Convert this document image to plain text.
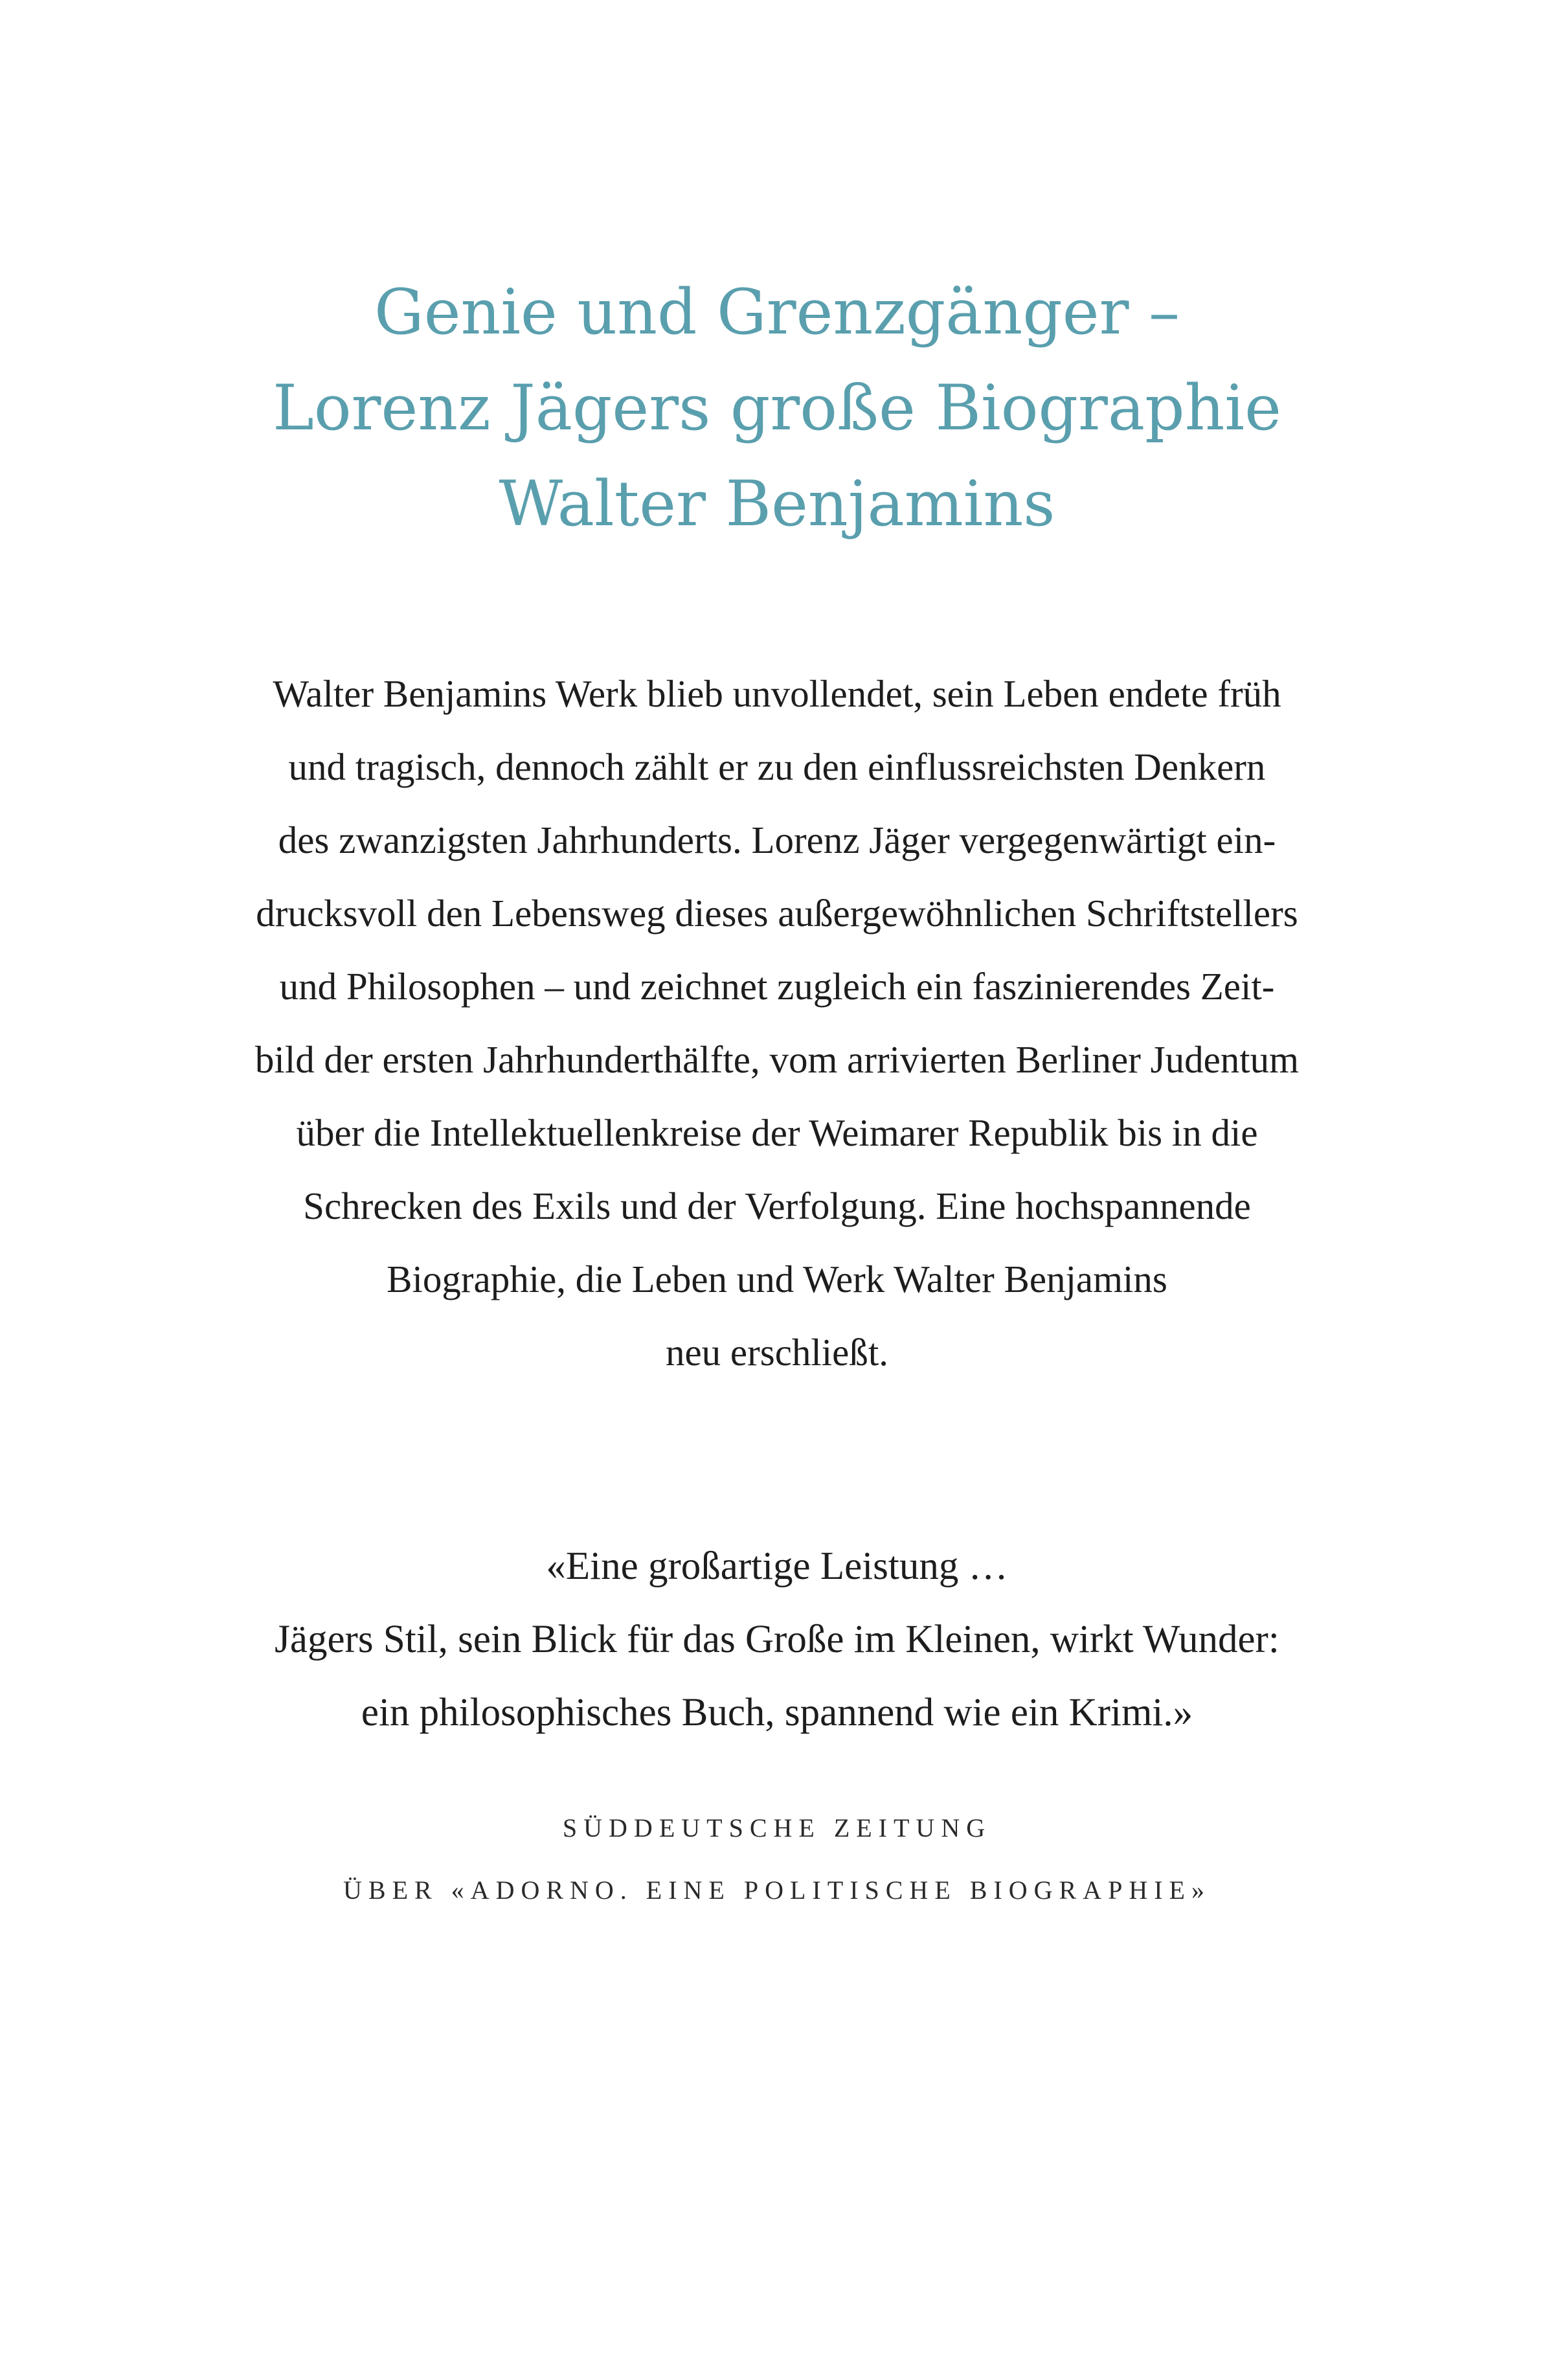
Genie und Grenzgänger –
Lorenz Jägers große Biographie
Walter Benjamins
Walter Benjamins Werk blieb unvollendet, sein Leben endete früh
und tragisch, dennoch zählt er zu den einflussreichsten Denkern
des zwanzigsten Jahrhunderts. Lorenz Jäger vergegenwärtigt ein-
drucksvoll den Lebensweg dieses außergewöhnlichen Schriftstellers
und Philosophen – und zeichnet zugleich ein faszinierendes Zeit-
bild der ersten Jahrhunderthälfte, vom arrivierten Berliner Judentum
über die Intellektuellenkreise der Weimarer Republik bis in die
Schrecken des Exils und der Verfolgung. Eine hochspannende
Biographie, die Leben und Werk Walter Benjamins
neu erschließt.
«Eine großartige Leistung …
Jägers Stil, sein Blick für das Große im Kleinen, wirkt Wunder:
ein philosophisches Buch, spannend wie ein Krimi.»
SÜDDEUTSCHE ZEITUNG
ÜBER «ADORNO. EINE POLITISCHE BIOGRAPHIE»
